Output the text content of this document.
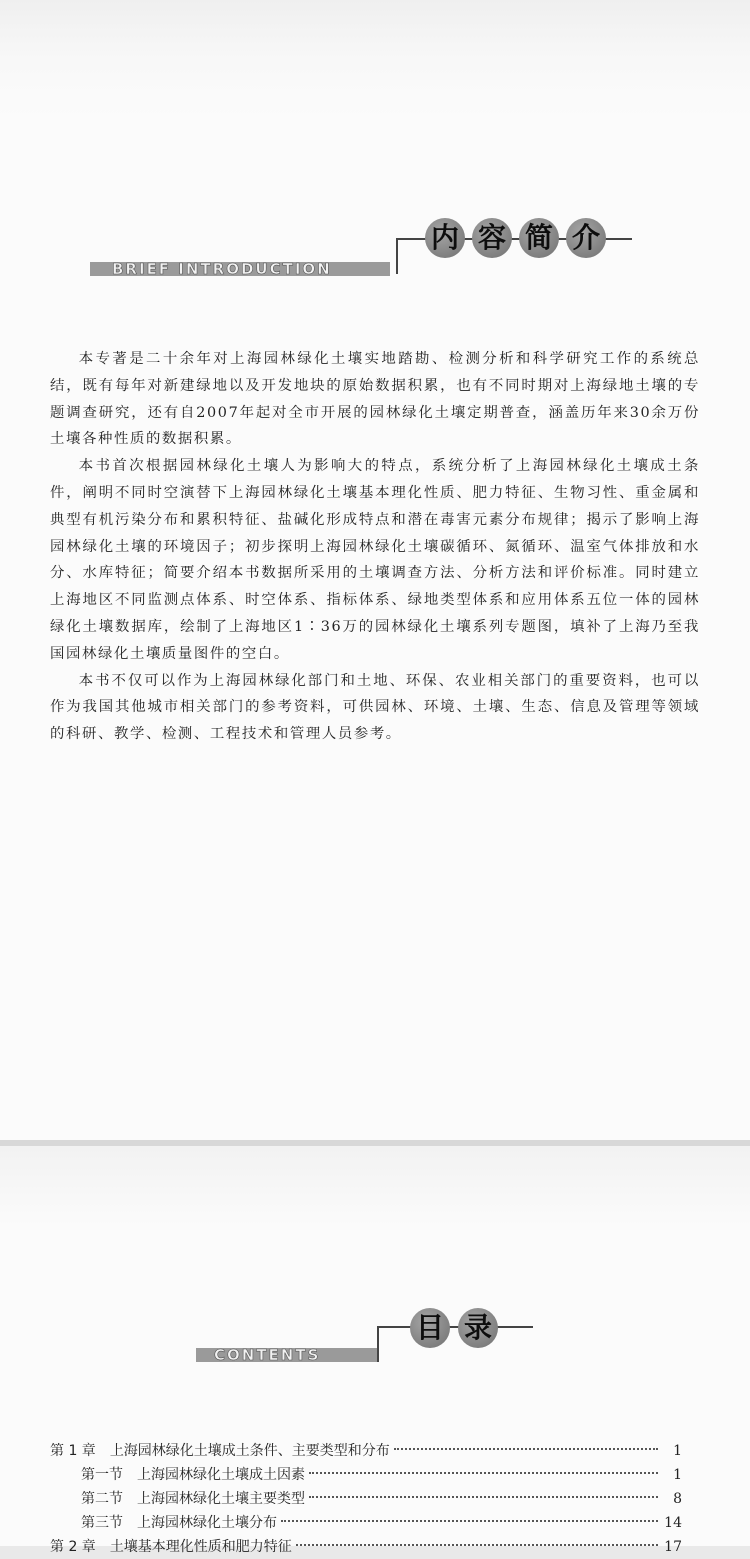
BRIEF INTRODUCTION
内 容 简 介

本专著是二十余年对上海园林绿化土壤实地踏勘、检测分析和科学研究工作的系统总结，既有每年对新建绿地以及开发地块的原始数据积累，也有不同时期对上海绿地土壤的专题调查研究，还有自2007年起对全市开展的园林绿化土壤定期普查，涵盖历年来30余万份土壤各种性质的数据积累。

本书首次根据园林绿化土壤人为影响大的特点，系统分析了上海园林绿化土壤成土条件，阐明不同时空演替下上海园林绿化土壤基本理化性质、肥力特征、生物习性、重金属和典型有机污染分布和累积特征、盐碱化形成特点和潜在毒害元素分布规律；揭示了影响上海园林绿化土壤的环境因子；初步探明上海园林绿化土壤碳循环、氮循环、温室气体排放和水分、水库特征；简要介绍本书数据所采用的土壤调查方法、分析方法和评价标准。同时建立上海地区不同监测点体系、时空体系、指标体系、绿地类型体系和应用体系五位一体的园林绿化土壤数据库，绘制了上海地区1∶36万的园林绿化土壤系列专题图，填补了上海乃至我国园林绿化土壤质量图件的空白。

本书不仅可以作为上海园林绿化部门和土地、环保、农业相关部门的重要资料，也可以作为我国其他城市相关部门的参考资料，可供园林、环境、土壤、生态、信息及管理等领域的科研、教学、检测、工程技术和管理人员参考。

CONTENTS
目 录
第 1 章 上海园林绿化土壤成土条件、主要类型和分布	1
第一节 上海园林绿化土壤成土因素	1
第二节 上海园林绿化土壤主要类型	8
第三节 上海园林绿化土壤分布	14
第 2 章 土壤基本理化性质和肥力特征	17
